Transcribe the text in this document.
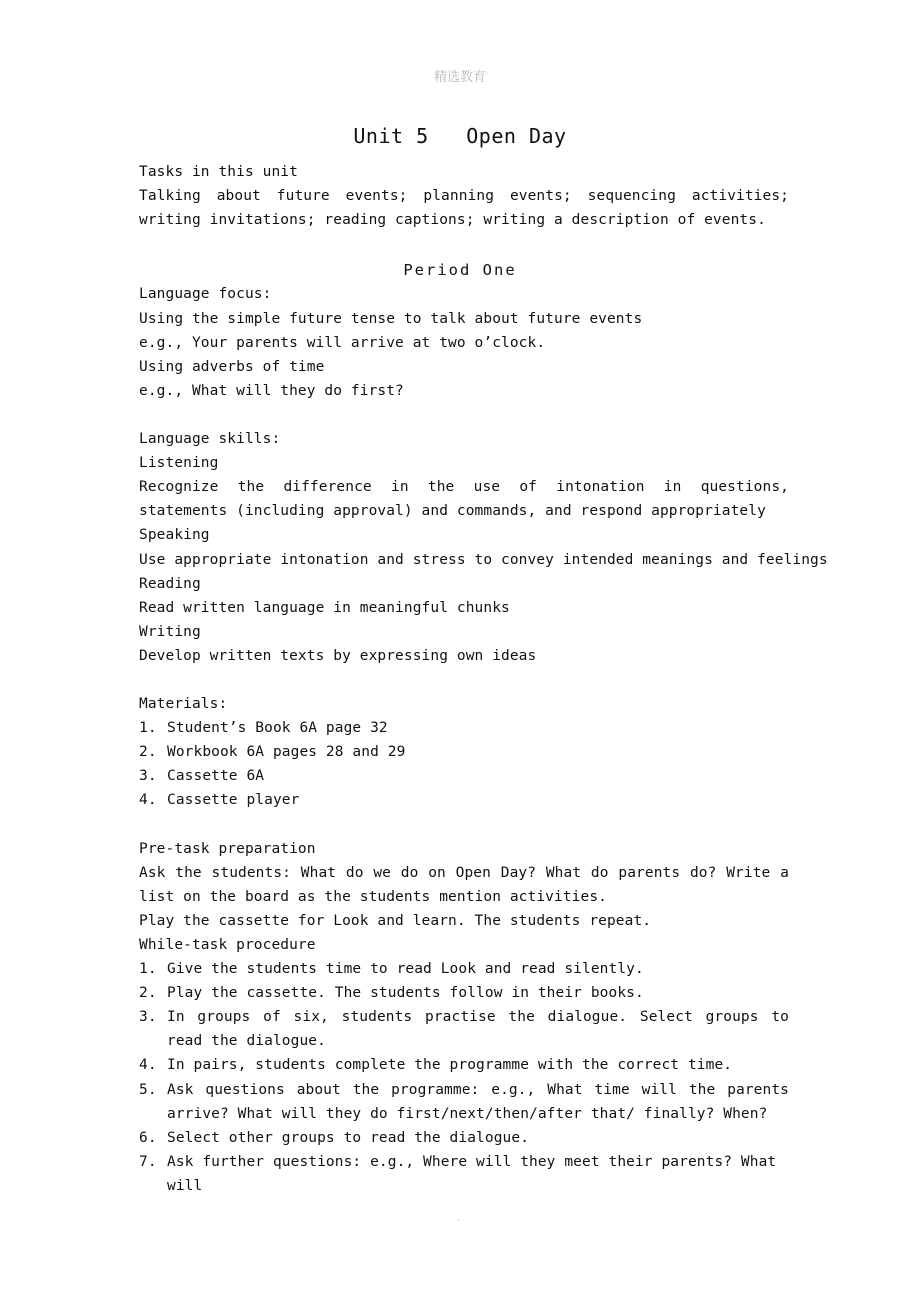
精选教育
Unit 5   Open Day
Tasks in this unit
Talking about future events; planning events; sequencing activities; writing invitations; reading captions; writing a description of events.
Period One
Language focus:
Using the simple future tense to talk about future events
e.g., Your parents will arrive at two o’clock.
Using adverbs of time
e.g., What will they do first?
Language skills:
Listening
Recognize the difference in the use of intonation in questions, statements (including approval) and commands, and respond appropriately
Speaking
Use appropriate intonation and stress to convey intended meanings and feelings
Reading
Read written language in meaningful chunks
Writing
Develop written texts by expressing own ideas
Materials:
1. Student’s Book 6A page 32
2. Workbook 6A pages 28 and 29
3. Cassette 6A
4. Cassette player
Pre-task preparation
Ask the students: What do we do on Open Day? What do parents do? Write a list on the board as the students mention activities.
Play the cassette for Look and learn. The students repeat.
While-task procedure
1. Give the students time to read Look and read silently.
2. Play the cassette. The students follow in their books.
3. In groups of six, students practise the dialogue. Select groups to read the dialogue.
4. In pairs, students complete the programme with the correct time.
5. Ask questions about the programme: e.g., What time will the parents arrive? What will they do first/next/then/after that/ finally? When?
6. Select other groups to read the dialogue.
7. Ask further questions: e.g., Where will they meet their parents? What will
.
